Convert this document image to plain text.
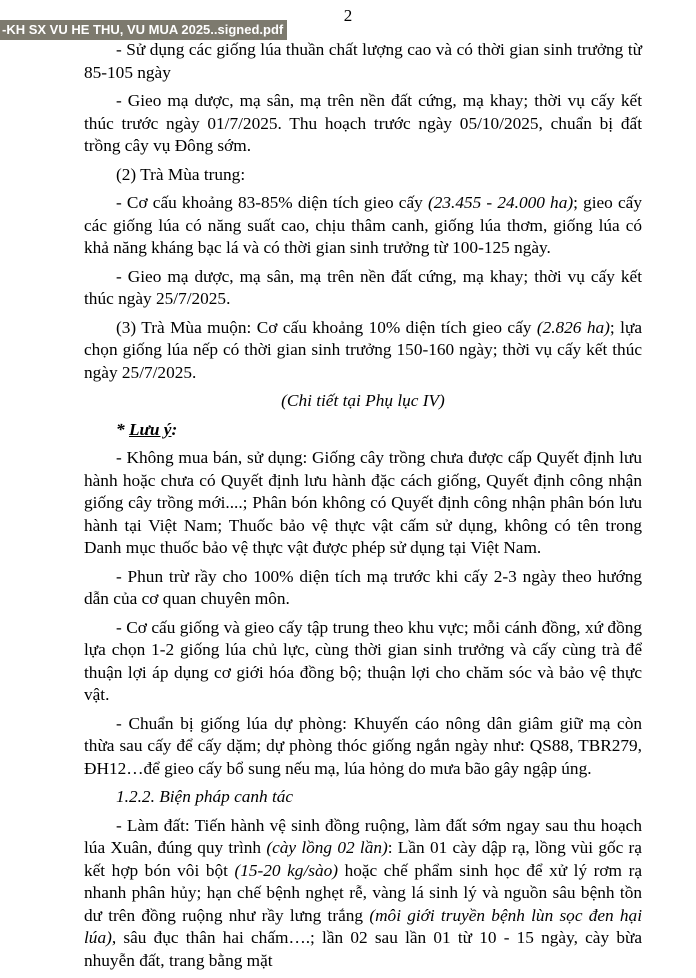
-KH SX VU HE THU, VU MUA 2025..signed.pdf
2

- Sử dụng các giống lúa thuần chất lượng cao và có thời gian sinh trưởng từ 85-105 ngày

- Gieo mạ dược, mạ sân, mạ trên nền đất cứng, mạ khay; thời vụ cấy kết thúc trước ngày 01/7/2025. Thu hoạch trước ngày 05/10/2025, chuẩn bị đất trồng cây vụ Đông sớm.

(2) Trà Mùa trung:

- Cơ cấu khoảng 83-85% diện tích gieo cấy (23.455 - 24.000 ha); gieo cấy các giống lúa có năng suất cao, chịu thâm canh, giống lúa thơm, giống lúa có khả năng kháng bạc lá và có thời gian sinh trưởng từ 100-125 ngày.

- Gieo mạ dược, mạ sân, mạ trên nền đất cứng, mạ khay; thời vụ cấy kết thúc ngày 25/7/2025.

(3) Trà Mùa muộn: Cơ cấu khoảng 10% diện tích gieo cấy (2.826 ha); lựa chọn giống lúa nếp có thời gian sinh trưởng 150-160 ngày; thời vụ cấy kết thúc ngày 25/7/2025.

(Chi tiết tại Phụ lục IV)

* Lưu ý:

- Không mua bán, sử dụng: Giống cây trồng chưa được cấp Quyết định lưu hành hoặc chưa có Quyết định lưu hành đặc cách giống, Quyết định công nhận giống cây trồng mới....; Phân bón không có Quyết định công nhận phân bón lưu hành tại Việt Nam; Thuốc bảo vệ thực vật cấm sử dụng, không có tên trong Danh mục thuốc bảo vệ thực vật được phép sử dụng tại Việt Nam.

- Phun trừ rầy cho 100% diện tích mạ trước khi cấy 2-3 ngày theo hướng dẫn của cơ quan chuyên môn.

- Cơ cấu giống và gieo cấy tập trung theo khu vực; mỗi cánh đồng, xứ đồng lựa chọn 1-2 giống lúa chủ lực, cùng thời gian sinh trưởng và cấy cùng trà để thuận lợi áp dụng cơ giới hóa đồng bộ; thuận lợi cho chăm sóc và bảo vệ thực vật.

- Chuẩn bị giống lúa dự phòng: Khuyến cáo nông dân giâm giữ mạ còn thừa sau cấy để cấy dặm; dự phòng thóc giống ngắn ngày như: QS88, TBR279, ĐH12…để gieo cấy bổ sung nếu mạ, lúa hỏng do mưa bão gây ngập úng.

1.2.2. Biện pháp canh tác

- Làm đất: Tiến hành vệ sinh đồng ruộng, làm đất sớm ngay sau thu hoạch lúa Xuân, đúng quy trình (cày lồng 02 lần): Lần 01 cày dập rạ, lồng vùi gốc rạ kết hợp bón vôi bột (15-20 kg/sào) hoặc chế phẩm sinh học để xử lý rơm rạ nhanh phân hủy; hạn chế bệnh nghẹt rễ, vàng lá sinh lý và nguồn sâu bệnh tồn dư trên đồng ruộng như rầy lưng trắng (môi giới truyền bệnh lùn sọc đen hại lúa), sâu đục thân hai chấm….; lần 02 sau lần 01 từ 10 - 15 ngày, cày bừa nhuyễn đất, trang bằng mặt
